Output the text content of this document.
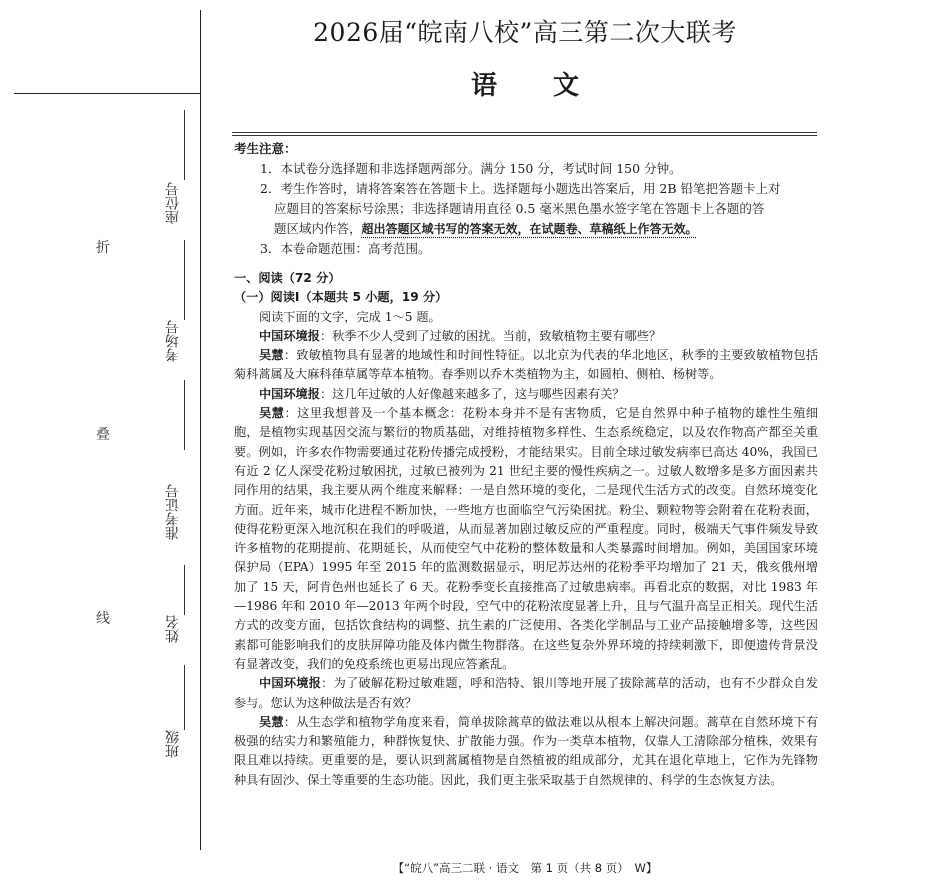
折
叠
线
座位号
考场号
准考证号
姓名
班级
2026届“皖南八校”高三第二次大联考
语 文
考生注意：
1．本试卷分选择题和非选择题两部分。满分 150 分，考试时间 150 分钟。
2．考生作答时，请将答案答在答题卡上。选择题每小题选出答案后，用 2B 铅笔把答题卡上对
应题目的答案标号涂黑；非选择题请用直径 0.5 毫米黑色墨水签字笔在答题卡上各题的答
题区域内作答，超出答题区域书写的答案无效，在试题卷、草稿纸上作答无效。
3．本卷命题范围：高考范围。

一、阅读（72 分）

（一）阅读Ⅰ（本题共 5 小题，19 分）

阅读下面的文字，完成 1～5 题。

中国环境报：秋季不少人受到了过敏的困扰。当前，致敏植物主要有哪些？

吴慧：致敏植物具有显著的地域性和时间性特征。以北京为代表的华北地区，秋季的主要致敏植物包括菊科蒿属及大麻科葎草属等草本植物。春季则以乔木类植物为主，如圆柏、侧柏、杨树等。

中国环境报：这几年过敏的人好像越来越多了，这与哪些因素有关？

吴慧：这里我想普及一个基本概念：花粉本身并不是有害物质，它是自然界中种子植物的雄性生殖细胞，是植物实现基因交流与繁衍的物质基础，对维持植物多样性、生态系统稳定，以及农作物高产都至关重要。例如，许多农作物需要通过花粉传播完成授粉，才能结果实。目前全球过敏发病率已高达 40%，我国已有近 2 亿人深受花粉过敏困扰，过敏已被列为 21 世纪主要的慢性疾病之一。过敏人数增多是多方面因素共同作用的结果，我主要从两个维度来解释：一是自然环境的变化，二是现代生活方式的改变。自然环境变化方面。近年来，城市化进程不断加快，一些地方也面临空气污染困扰。粉尘、颗粒物等会附着在花粉表面，使得花粉更深入地沉积在我们的呼吸道，从而显著加剧过敏反应的严重程度。同时，极端天气事件频发导致许多植物的花期提前、花期延长，从而使空气中花粉的整体数量和人类暴露时间增加。例如，美国国家环境保护局（EPA）1995 年至 2015 年的监测数据显示，明尼苏达州的花粉季平均增加了 21 天，俄亥俄州增加了 15 天，阿肯色州也延长了 6 天。花粉季变长直接推高了过敏患病率。再看北京的数据，对比 1983 年—1986 年和 2010 年—2013 年两个时段，空气中的花粉浓度显著上升，且与气温升高呈正相关。现代生活方式的改变方面，包括饮食结构的调整、抗生素的广泛使用、各类化学制品与工业产品接触增多等，这些因素都可能影响我们的皮肤屏障功能及体内微生物群落。在这些复杂外界环境的持续刺激下，即便遗传背景没有显著改变，我们的免疫系统也更易出现应答紊乱。

中国环境报：为了破解花粉过敏难题，呼和浩特、银川等地开展了拔除蒿草的活动，也有不少群众自发参与。您认为这种做法是否有效？

吴慧：从生态学和植物学角度来看，简单拔除蒿草的做法难以从根本上解决问题。蒿草在自然环境下有极强的结实力和繁殖能力，种群恢复快、扩散能力强。作为一类草本植物，仅靠人工清除部分植株，效果有限且难以持续。更重要的是，要认识到蒿属植物是自然植被的组成部分，尤其在退化草地上，它作为先锋物种具有固沙、保土等重要的生态功能。因此，我们更主张采取基于自然规律的、科学的生态恢复方法。

【“皖八”高三二联 · 语文　第 1 页（共 8 页）　W】
